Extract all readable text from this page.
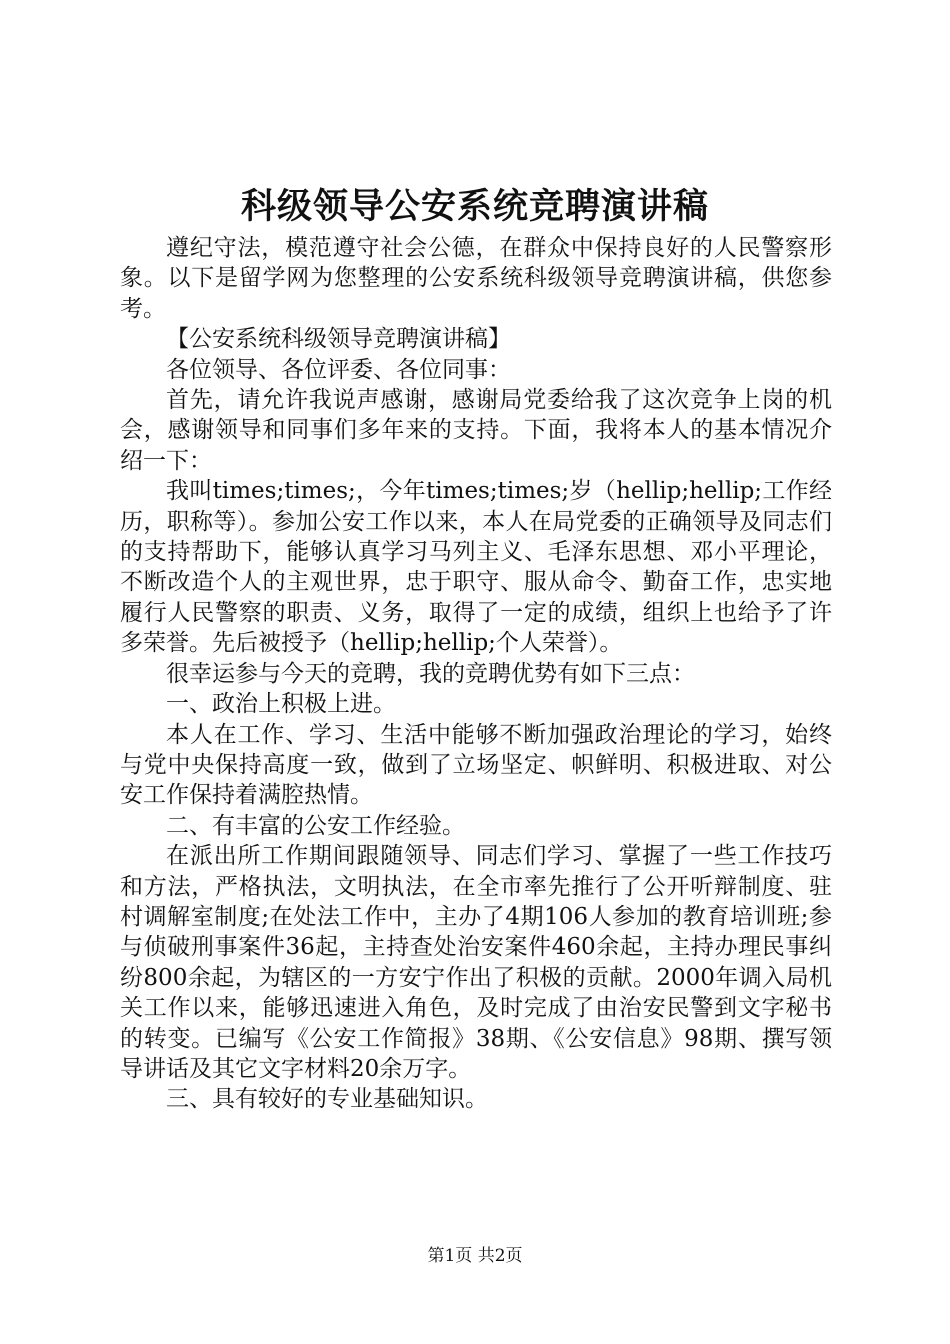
科级领导公安系统竞聘演讲稿

遵纪守法，模范遵守社会公德，在群众中保持良好的人民警察形象。以下是留学网为您整理的公安系统科级领导竞聘演讲稿，供您参考。

【公安系统科级领导竞聘演讲稿】

各位领导、各位评委、各位同事：

首先，请允许我说声感谢，感谢局党委给我了这次竞争上岗的机会，感谢领导和同事们多年来的支持。下面，我将本人的基本情况介绍一下：

我叫times;times;，今年times;times;岁（hellip;hellip;工作经历，职称等）。参加公安工作以来，本人在局党委的正确领导及同志们的支持帮助下，能够认真学习马列主义、毛泽东思想、邓小平理论，不断改造个人的主观世界，忠于职守、服从命令、勤奋工作，忠实地履行人民警察的职责、义务，取得了一定的成绩，组织上也给予了许多荣誉。先后被授予（hellip;hellip;个人荣誉）。

很幸运参与今天的竞聘，我的竞聘优势有如下三点：

一、政治上积极上进。

本人在工作、学习、生活中能够不断加强政治理论的学习，始终与党中央保持高度一致，做到了立场坚定、帜鲜明、积极进取、对公安工作保持着满腔热情。

二、有丰富的公安工作经验。

在派出所工作期间跟随领导、同志们学习、掌握了一些工作技巧和方法，严格执法，文明执法，在全市率先推行了公开听辩制度、驻村调解室制度;在处法工作中，主办了4期106人参加的教育培训班;参与侦破刑事案件36起，主持查处治安案件460余起，主持办理民事纠纷800余起，为辖区的一方安宁作出了积极的贡献。2000年调入局机关工作以来，能够迅速进入角色，及时完成了由治安民警到文字秘书的转变。已编写《公安工作简报》38期、《公安信息》98期、撰写领导讲话及其它文字材料20余万字。

三、具有较好的专业基础知识。

第1页 共2页
